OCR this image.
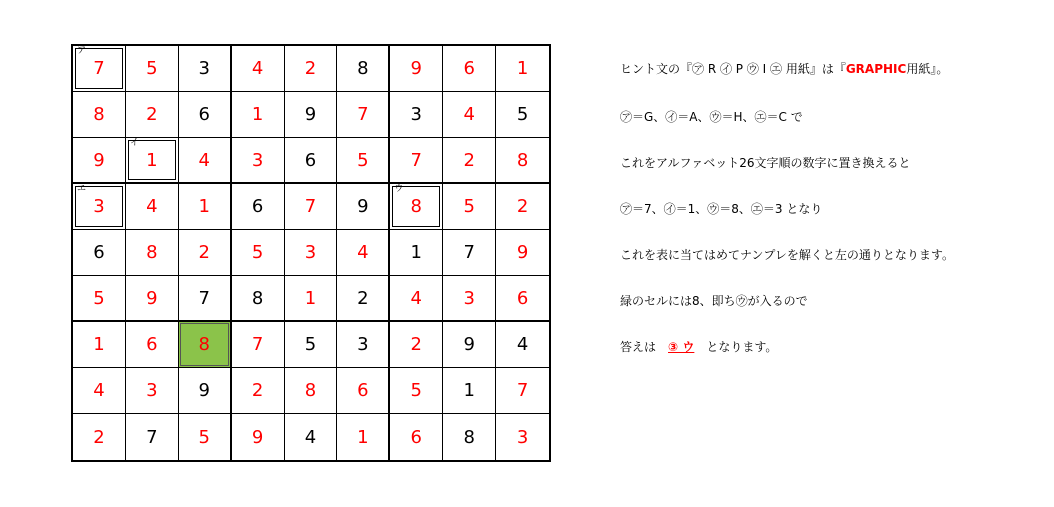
ア
7 5 3 4 2 8 9 6 1
8 2 6 1 9 7 3 4 5
9
イ
1 4 3 6 5 7 2 8
エ
3 4 1 6 7 9
ウ
8 5 2
6 8 2 5 3 4 1 7 9
5 9 7 8 1 2 4 3 6
1 6 8 7 5 3 2 9 4
4 3 9 2 8 6 5 1 7
2 7 5 9 4 1 6 8 3
ヒント文の『㋐ R ㋑ P ㋒ I ㋓ 用紙』は『GRAPHIC用紙』。
㋐＝G、㋑＝A、㋒＝H、㋓＝C で
これをアルファベット26文字順の数字に置き換えると
㋐＝7、㋑＝1、㋒＝8、㋓＝3 となり
これを表に当てはめてナンプレを解くと左の通りとなります。
緑のセルには8、即ち㋒が入るので
答えは ③ ウ となります。
